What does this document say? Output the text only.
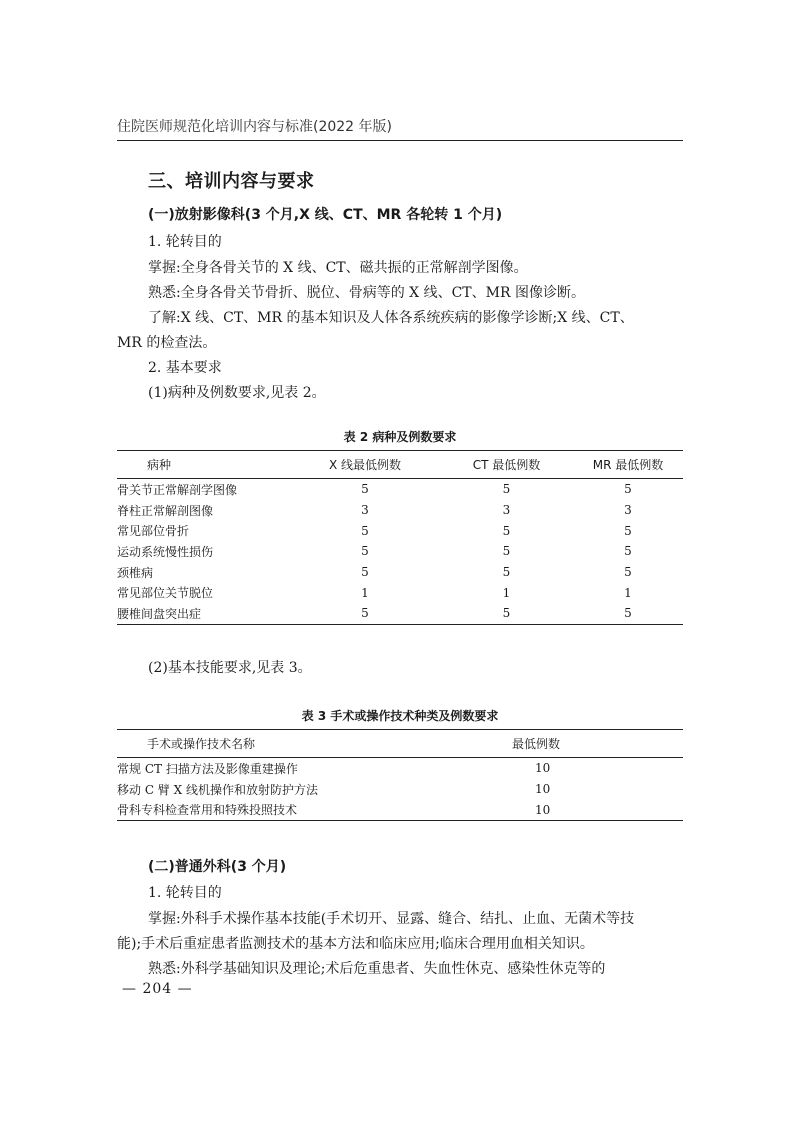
住院医师规范化培训内容与标准(2022 年版)
三、培训内容与要求
(一)放射影像科(3 个月,X 线、CT、MR 各轮转 1 个月)
1. 轮转目的
掌握:全身各骨关节的 X 线、CT、磁共振的正常解剖学图像。
熟悉:全身各骨关节骨折、脱位、骨病等的 X 线、CT、MR 图像诊断。
了解:X 线、CT、MR 的基本知识及人体各系统疾病的影像学诊断;X 线、CT、
MR 的检查法。
2. 基本要求
(1)病种及例数要求,见表 2。
表 2 病种及例数要求
病种	X 线最低例数	CT 最低例数	MR 最低例数
骨关节正常解剖学图像	5	5	5
脊柱正常解剖图像	3	3	3
常见部位骨折	5	5	5
运动系统慢性损伤	5	5	5
颈椎病	5	5	5
常见部位关节脱位	1	1	1
腰椎间盘突出症	5	5	5
(2)基本技能要求,见表 3。
表 3 手术或操作技术种类及例数要求
手术或操作技术名称	最低例数
常规 CT 扫描方法及影像重建操作	10
移动 C 臂 X 线机操作和放射防护方法	10
骨科专科检查常用和特殊投照技术	10
(二)普通外科(3 个月)
1. 轮转目的
掌握:外科手术操作基本技能(手术切开、显露、缝合、结扎、止血、无菌术等技
能);手术后重症患者监测技术的基本方法和临床应用;临床合理用血相关知识。
熟悉:外科学基础知识及理论;术后危重患者、失血性休克、感染性休克等的
— 204 —
